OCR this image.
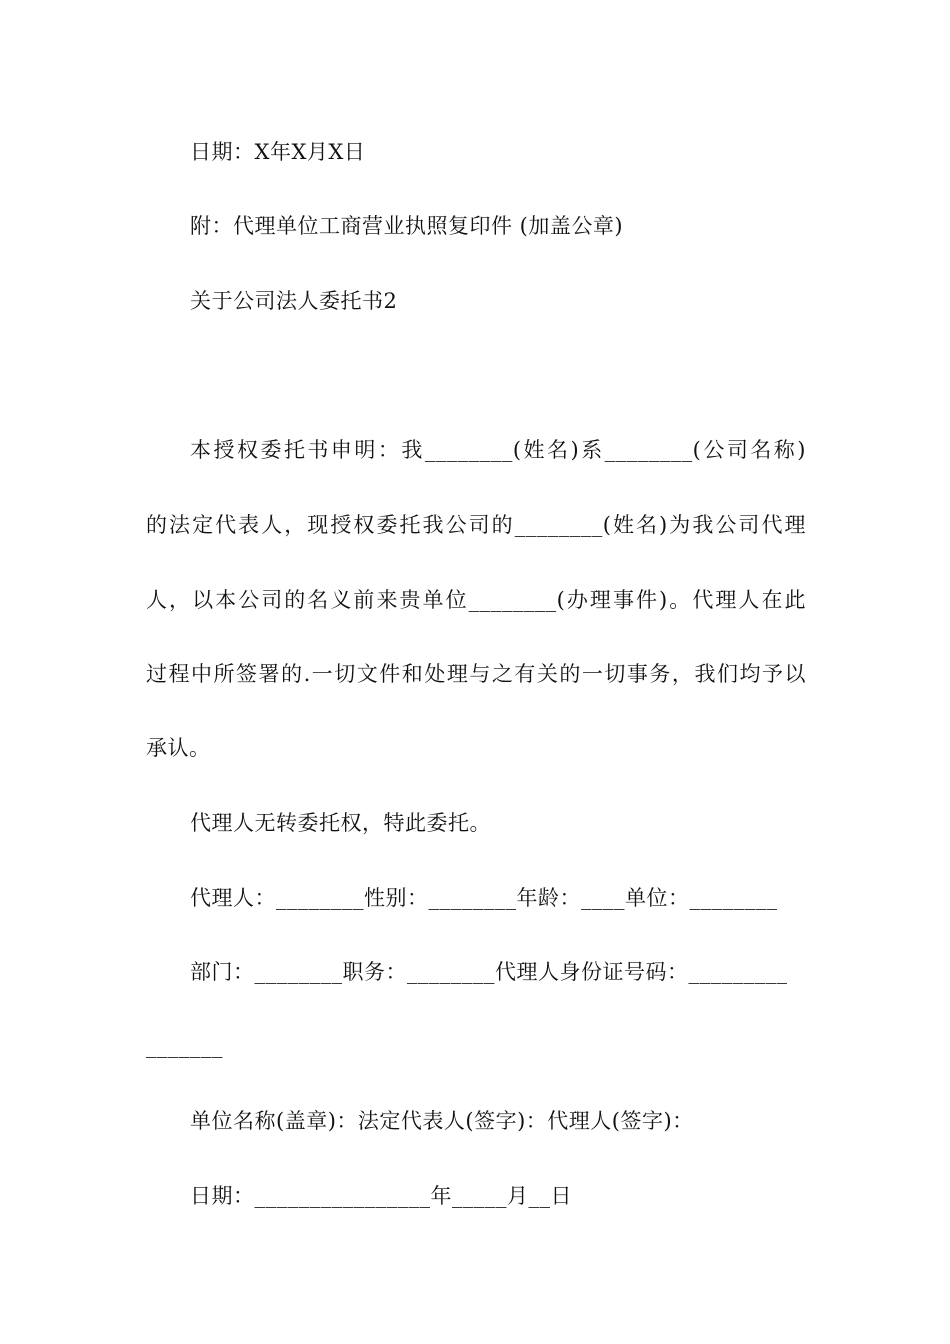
日期：X年X月X日
附：代理单位工商营业执照复印件 (加盖公章)
关于公司法人委托书2
本授权委托书申明：我________(姓名)系________(公司名称)
的法定代表人，现授权委托我公司的________(姓名)为我公司代理
人，以本公司的名义前来贵单位________(办理事件)。代理人在此
过程中所签署的.一切文件和处理与之有关的一切事务，我们均予以
承认。
代理人无转委托权，特此委托。
代理人：________性别：________年龄：____单位：________
部门：________职务：________代理人身份证号码：_________
_______
单位名称(盖章)：法定代表人(签字)：代理人(签字)：
日期：________________年_____月__日
